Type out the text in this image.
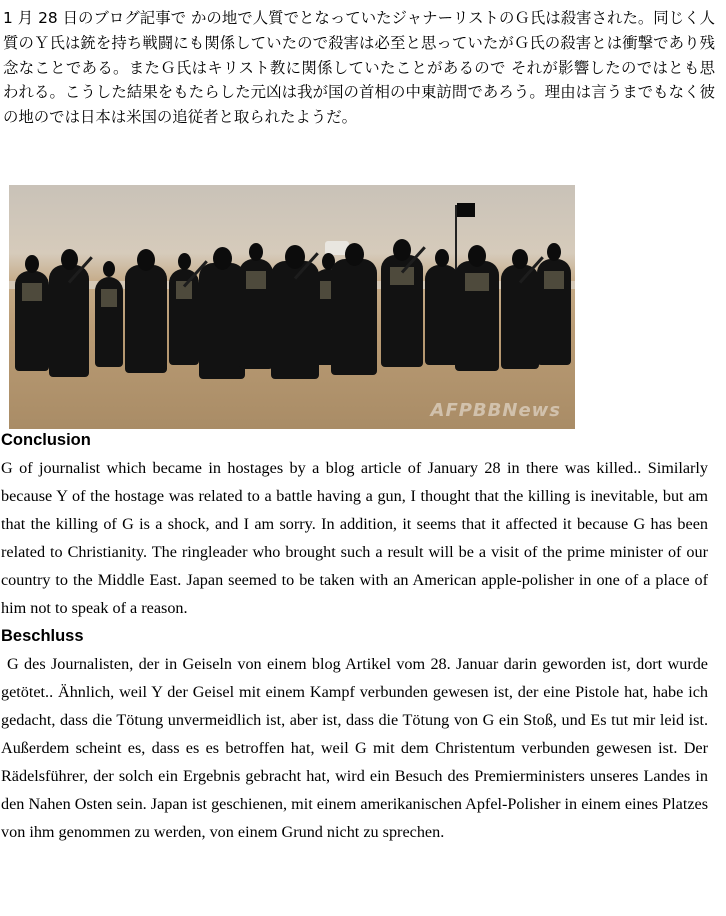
1 月 28 日のブログ記事で かの地で人質でとなっていたジャナーリストのＧ氏は殺害された。同じく人質のＹ氏は銃を持ち戦闘にも関係していたので殺害は必至と思っていたがＧ氏の殺害とは衝撃であり残念なことである。またＧ氏はキリスト教に関係していたことがあるので それが影響したのではとも思われる。こうした結果をもたらした元凶は我が国の首相の中東訪問であろう。理由は言うまでもなく彼の地のでは日本は米国の追従者と取られたようだ。

AFPBBNews
Conclusion

G of journalist which became in hostages by a blog article of January 28 in there was killed.. Similarly because Y of the hostage was related to a battle having a gun, I thought that the killing is inevitable, but am that the killing of G is a shock, and I am sorry. In addition, it seems that it affected it because G has been related to Christianity. The ringleader who brought such a result will be a visit of the prime minister of our country to the Middle East. Japan seemed to be taken with an American apple-polisher in one of a place of him not to speak of a reason.

Beschluss

G des Journalisten, der in Geiseln von einem blog Artikel vom 28. Januar darin geworden ist, dort wurde getötet.. Ähnlich, weil Y der Geisel mit einem Kampf verbunden gewesen ist, der eine Pistole hat, habe ich gedacht, dass die Tötung unvermeidlich ist, aber ist, dass die Tötung von G ein Stoß, und Es tut mir leid ist. Außerdem scheint es, dass es es betroffen hat, weil G mit dem Christentum verbunden gewesen ist. Der Rädelsführer, der solch ein Ergebnis gebracht hat, wird ein Besuch des Premierministers unseres Landes in den Nahen Osten sein. Japan ist geschienen, mit einem amerikanischen Apfel-Polisher in einem eines Platzes von ihm genommen zu werden, von einem Grund nicht zu sprechen.
